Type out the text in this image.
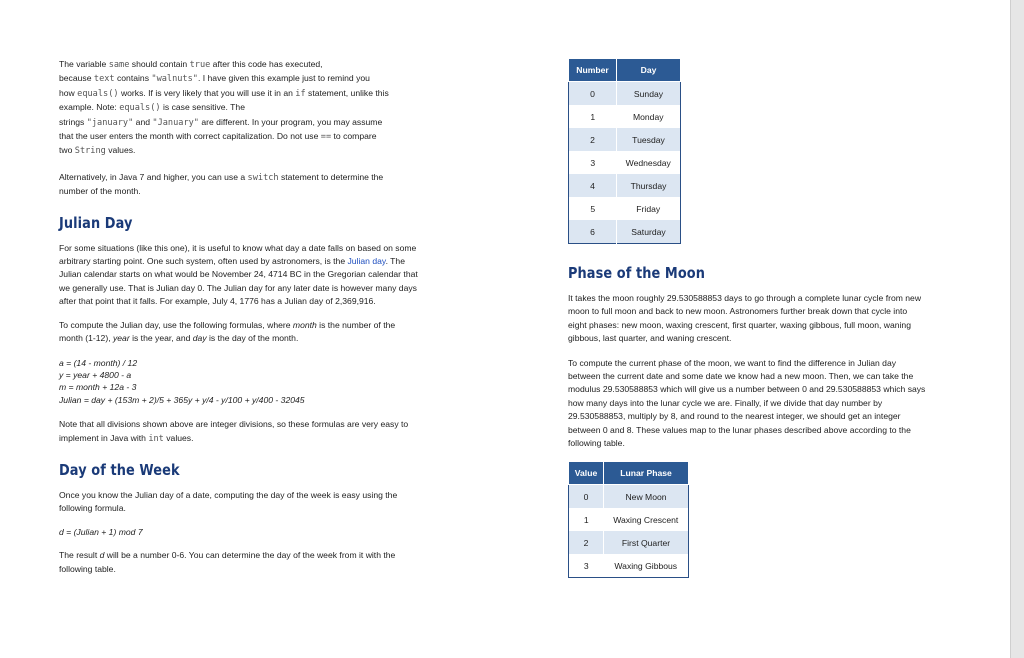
The variable same should contain true after this code has executed,
because text contains "walnuts". I have given this example just to remind you
how equals() works. If is very likely that you will use it in an if statement, unlike this
example. Note: equals() is case sensitive. The
strings "january" and "January" are different. In your program, you may assume
that the user enters the month with correct capitalization. Do not use == to compare
two String values.

Alternatively, in Java 7 and higher, you can use a switch statement to determine the
number of the month.

Julian Day

For some situations (like this one), it is useful to know what day a date falls on based on some
arbitrary starting point. One such system, often used by astronomers, is the Julian day. The
Julian calendar starts on what would be November 24, 4714 BC in the Gregorian calendar that
we generally use. That is Julian day 0. The Julian day for any later date is however many days
after that point that it falls. For example, July 4, 1776 has a Julian day of 2,369,916.

To compute the Julian day, use the following formulas, where month is the number of the
month (1-12), year is the year, and day is the day of the month.

a = (14 - month) / 12
y = year + 4800 - a
m = month + 12a - 3
Julian = day + (153m + 2)/5 + 365y + y/4 - y/100 + y/400 - 32045

Note that all divisions shown above are integer divisions, so these formulas are very easy to
implement in Java with int values.

Day of the Week

Once you know the Julian day of a date, computing the day of the week is easy using the
following formula.

d = (Julian + 1) mod 7

The result d will be a number 0-6. You can determine the day of the week from it with the
following table.

Number	Day
0	Sunday
1	Monday
2	Tuesday
3	Wednesday
4	Thursday
5	Friday
6	Saturday
Phase of the Moon

It takes the moon roughly 29.530588853 days to go through a complete lunar cycle from new
moon to full moon and back to new moon. Astronomers further break down that cycle into
eight phases: new moon, waxing crescent, first quarter, waxing gibbous, full moon, waning
gibbous, last quarter, and waning crescent.

To compute the current phase of the moon, we want to find the difference in Julian day
between the current date and some date we know had a new moon. Then, we can take the
modulus 29.530588853 which will give us a number between 0 and 29.530588853 which says
how many days into the lunar cycle we are. Finally, if we divide that day number by
29.530588853, multiply by 8, and round to the nearest integer, we should get an integer
between 0 and 8. These values map to the lunar phases described above according to the
following table.

Value	Lunar Phase
0	New Moon
1	Waxing Crescent
2	First Quarter
3	Waxing Gibbous
